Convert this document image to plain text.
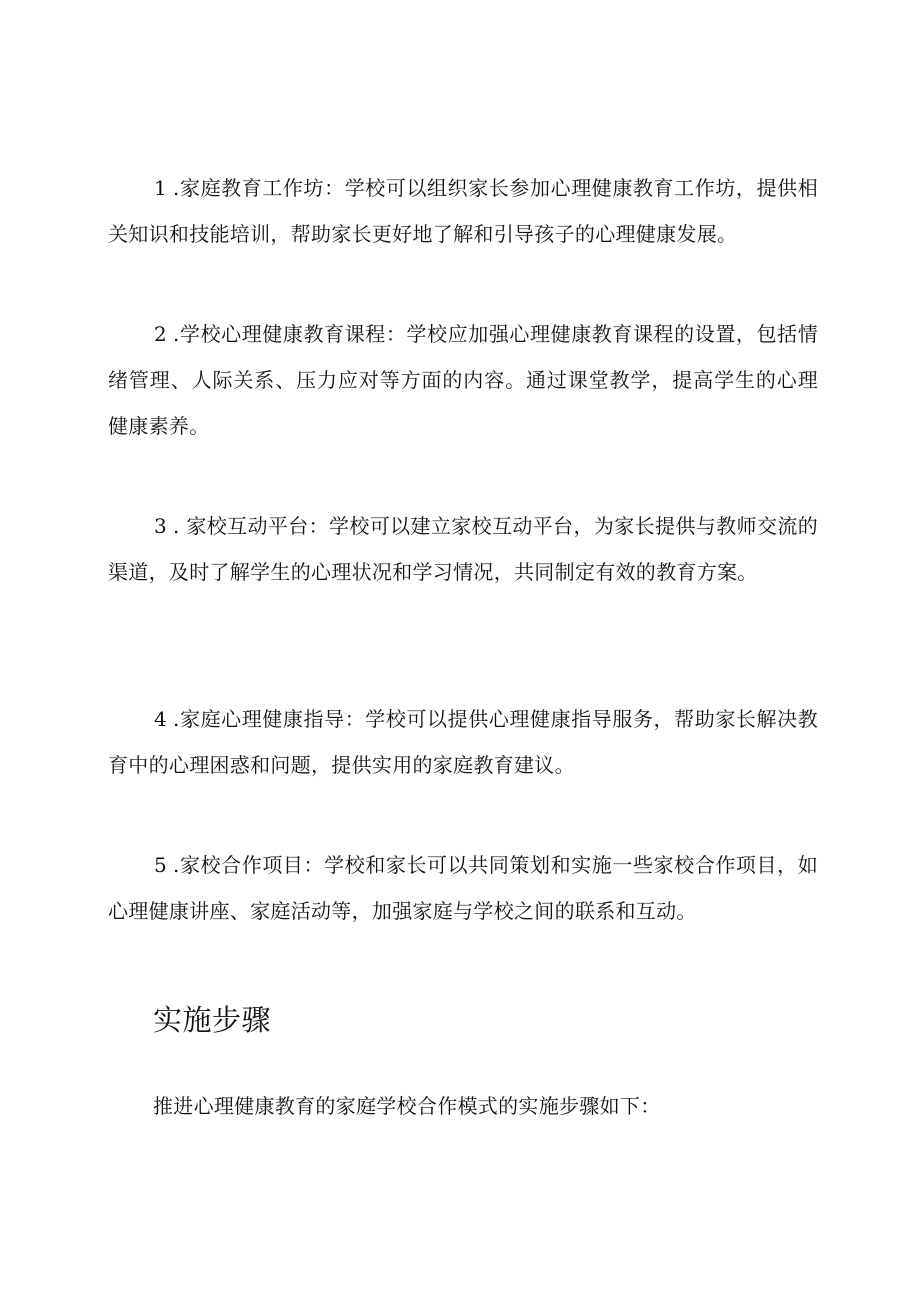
1 .家庭教育工作坊：学校可以组织家长参加心理健康教育工作坊，提供相关知识和技能培训，帮助家长更好地了解和引导孩子的心理健康发展。

2 .学校心理健康教育课程：学校应加强心理健康教育课程的设置，包括情绪管理、人际关系、压力应对等方面的内容。通过课堂教学，提高学生的心理健康素养。

3 . 家校互动平台：学校可以建立家校互动平台，为家长提供与教师交流的渠道，及时了解学生的心理状况和学习情况，共同制定有效的教育方案。

4 .家庭心理健康指导：学校可以提供心理健康指导服务，帮助家长解决教育中的心理困惑和问题，提供实用的家庭教育建议。

5 .家校合作项目：学校和家长可以共同策划和实施一些家校合作项目，如心理健康讲座、家庭活动等，加强家庭与学校之间的联系和互动。

实施步骤

推进心理健康教育的家庭学校合作模式的实施步骤如下：
